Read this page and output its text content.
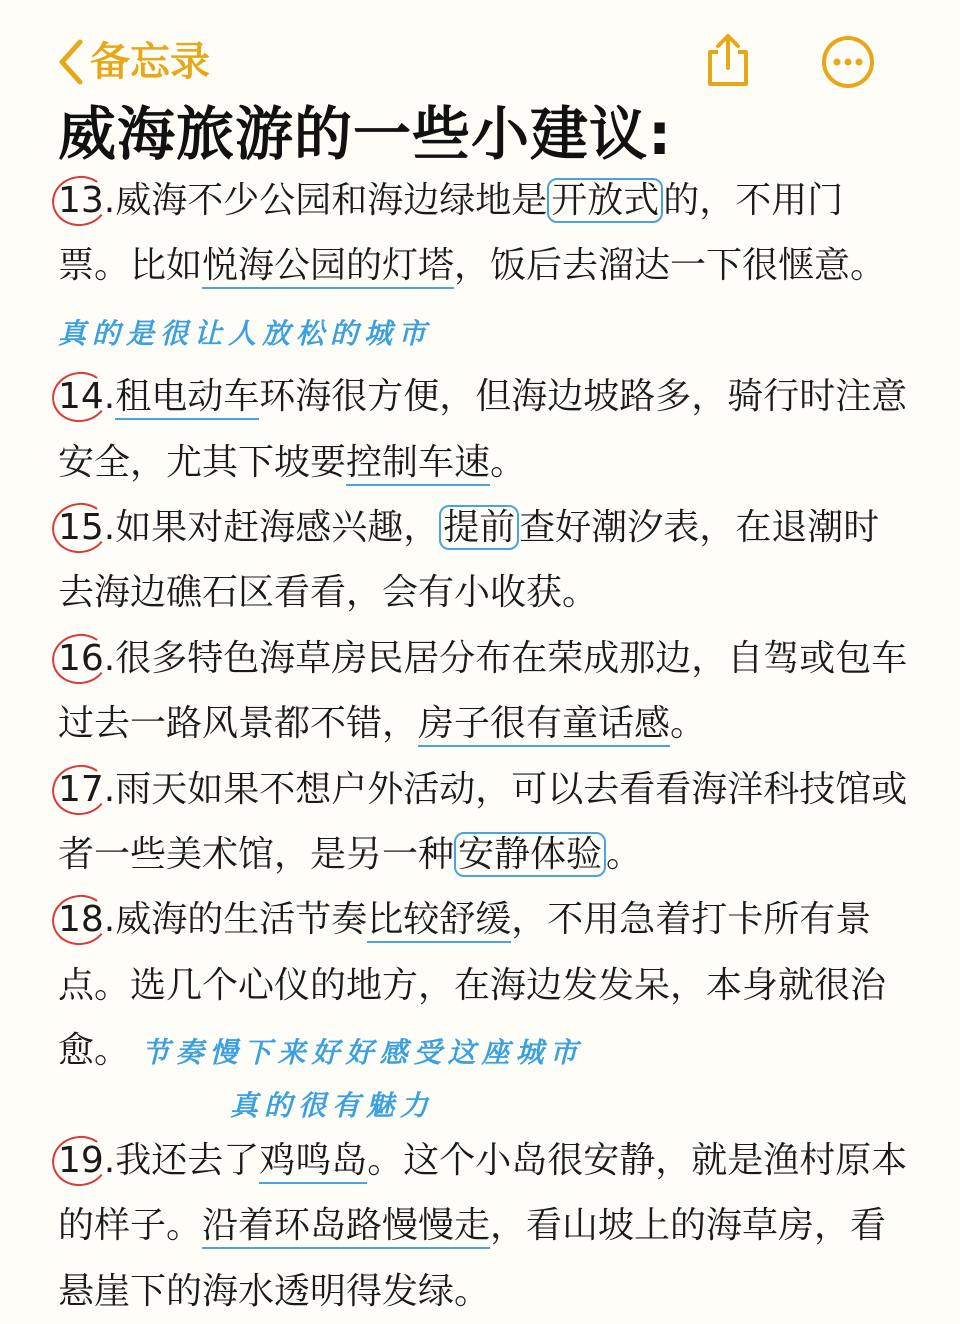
备忘录
威海旅游的一些小建议:

13.威海不少公园和海边绿地是 开放式 的，不用门票。比如悦海公园的灯塔，饭后去溜达一下很惬意。 真的是很让人放松的城市

14.租电动车环海很方便，但海边坡路多，骑行时注意安全，尤其下坡要控制车速。

15.如果对赶海感兴趣， 提前 查好潮汐表，在退潮时去海边礁石区看看，会有小收获。

16.很多特色海草房民居分布在荣成那边，自驾或包车过去一路风景都不错，房子很有童话感。

17.雨天如果不想户外活动，可以去看看海洋科技馆或者一些美术馆，是另一种 安静体验 。

18.威海的生活节奏比较舒缓，不用急着打卡所有景点。选几个心仪的地方，在海边发发呆，本身就很治愈。 节奏慢下来好好感受这座城市

真的很有魅力

19.我还去了鸡鸣岛。这个小岛很安静，就是渔村原本的样子。沿着环岛路慢慢走，看山坡上的海草房，看悬崖下的海水透明得发绿。
